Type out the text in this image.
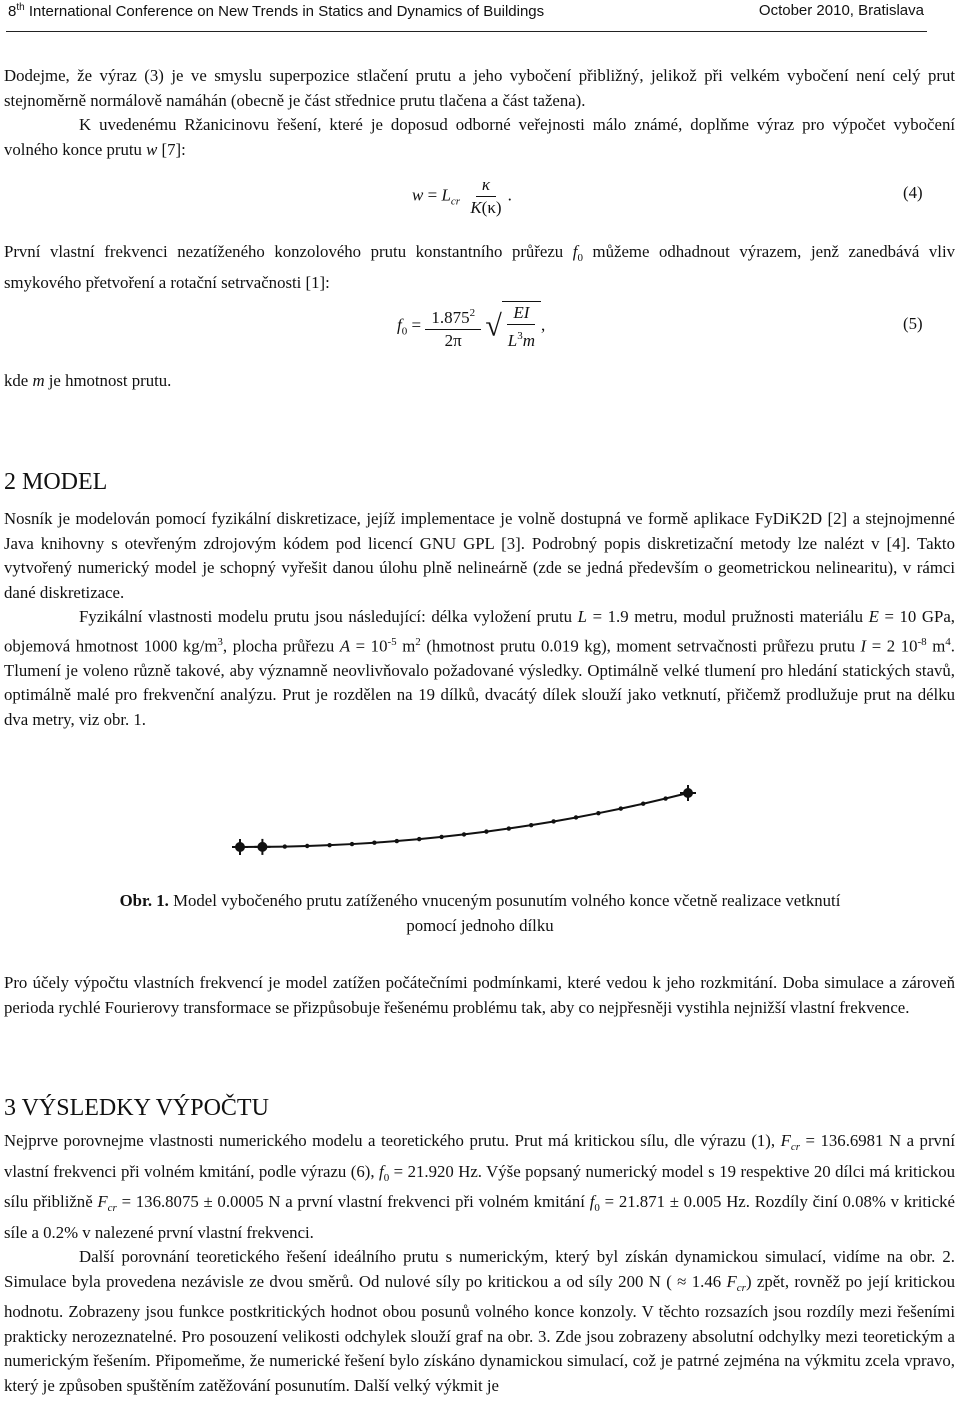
8th International Conference on New Trends in Statics and Dynamics of Buildings	October 2010, Bratislava

Dodejme, že výraz (3) je ve smyslu superpozice stlačení prutu a jeho vybočení přibližný, jelikož při velkém vybočení není celý prut stejnoměrně normálově namáhán (obecně je část střednice prutu tlačena a část tažena).

K uvedenému Ržanicinovu řešení, které je doposud odborné veřejnosti málo známé, doplňme výraz pro výpočet vybočení volného konce prutu w [7]:

$w = L_{cr} \frac{\kappa}{K(\kappa)}$ .	(4)

První vlastní frekvenci nezatíženého konzolového prutu konstantního průřezu $f_0$ můžeme odhadnout výrazem, jenž zanedbává vliv smykového přetvoření a rotační setrvačnosti [1]:

$f_0 = \frac{1.875^2}{2\pi}$ √ $\frac{EI}{L^3m}$ ,	(5)

kde m je hmotnost prutu.

2 MODEL

Nosník je modelován pomocí fyzikální diskretizace, jejíž implementace je volně dostupná ve formě aplikace FyDiK2D [2] a stejnojmenné Java knihovny s otevřeným zdrojovým kódem pod licencí GNU GPL [3]. Podrobný popis diskretizační metody lze nalézt v [4]. Takto vytvořený numerický model je schopný vyřešit danou úlohu plně nelineárně (zde se jedná především o geometrickou nelinearitu), v rámci dané diskretizace.

Fyzikální vlastnosti modelu prutu jsou následující: délka vyložení prutu L = 1.9 metru, modul pružnosti materiálu E = 10 GPa, objemová hmotnost 1000 $kg/m^3$, plocha průřezu $A = 10^{-5}$ $m^2$ (hmotnost prutu 0.019 kg), moment setrvačnosti průřezu prutu I = 2 $10^{-8}$ $m^4$. Tlumení je voleno různě takové, aby významně neovlivňovalo požadované výsledky. Optimálně velké tlumení pro hledání statických stavů, optimálně malé pro frekvenční analýzu. Prut je rozdělen na 19 dílků, dvacátý dílek slouží jako vetknutí, přičemž prodlužuje prut na délku dva metry, viz obr. 1.

Obr. 1. Model vybočeného prutu zatíženého vnuceným posunutím volného konce včetně realizace vetknutí pomocí jednoho dílku

Pro účely výpočtu vlastních frekvencí je model zatížen počátečními podmínkami, které vedou k jeho rozkmitání. Doba simulace a zároveň perioda rychlé Fourierovy transformace se přizpůsobuje řešenému problému tak, aby co nejpřesněji vystihla nejnižší vlastní frekvence.

3 VÝSLEDKY VÝPOČTU

Nejprve porovnejme vlastnosti numerického modelu a teoretického prutu. Prut má kritickou sílu, dle výrazu (1), $F_{cr} = 136.6981$ N a první vlastní frekvenci při volném kmitání, podle výrazu (6), $f_0 = 21.920$ Hz. Výše popsaný numerický model s 19 respektive 20 dílci má kritickou sílu přibližně $F_{cr} = 136.8075 \pm 0.0005$ N a první vlastní frekvenci při volném kmitání $f_0 = 21.871 \pm 0.005$ Hz. Rozdíly činí 0.08% v kritické síle a 0.2% v nalezené první vlastní frekvenci.

Další porovnání teoretického řešení ideálního prutu s numerickým, který byl získán dynamickou simulací, vidíme na obr. 2. Simulace byla provedena nezávisle ze dvou směrů. Od nulové síly po kritickou a od síly 200 N ( ≈ 1.46 $F_{cr}$) zpět, rovněž po její kritickou hodnotu. Zobrazeny jsou funkce postkritických hodnot obou posunů volného konce konzoly. V těchto rozsazích jsou rozdíly mezi řešeními prakticky nerozeznatelné. Pro posouzení velikosti odchylek slouží graf na obr. 3. Zde jsou zobrazeny absolutní odchylky mezi teoretickým a numerickým řešením. Připomeňme, že numerické řešení bylo získáno dynamickou simulací, což je patrné zejména na výkmitu zcela vpravo, který je způsoben spuštěním zatěžování posunutím. Další velký výkmit je
